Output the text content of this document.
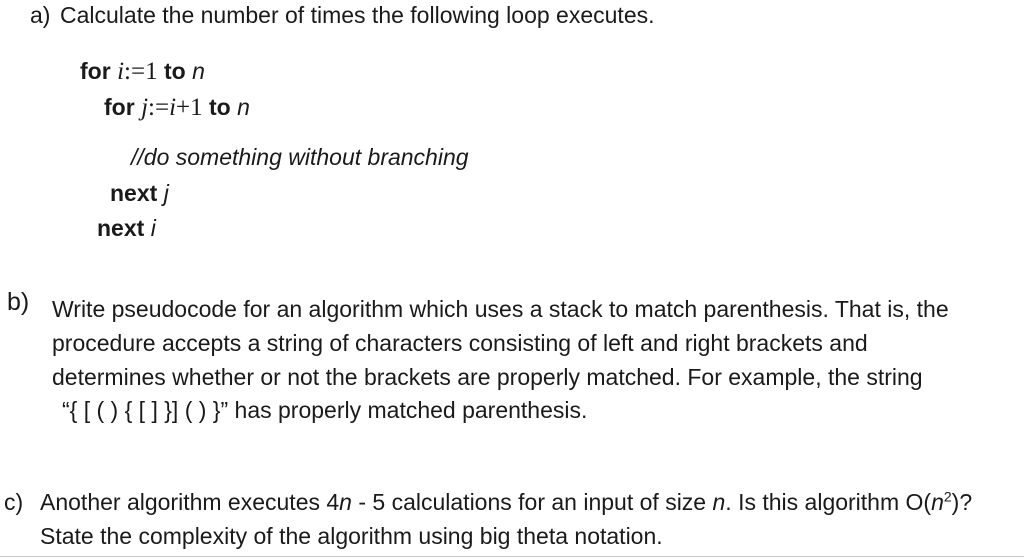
a) Calculate the number of times the following loop executes.
for i:=1 to n
for j:=i+1 to n
//do something without branching
next j
next i
b) Write pseudocode for an algorithm which uses a stack to match parenthesis. That is, the
procedure accepts a string of characters consisting of left and right brackets and
determines whether or not the brackets are properly matched. For example, the string
“{ [ ( ) { [ ] }] ( ) }” has properly matched parenthesis.
c) Another algorithm executes 4n - 5 calculations for an input of size n. Is this algorithm $O(n^2)$?
State the complexity of the algorithm using big theta notation.
